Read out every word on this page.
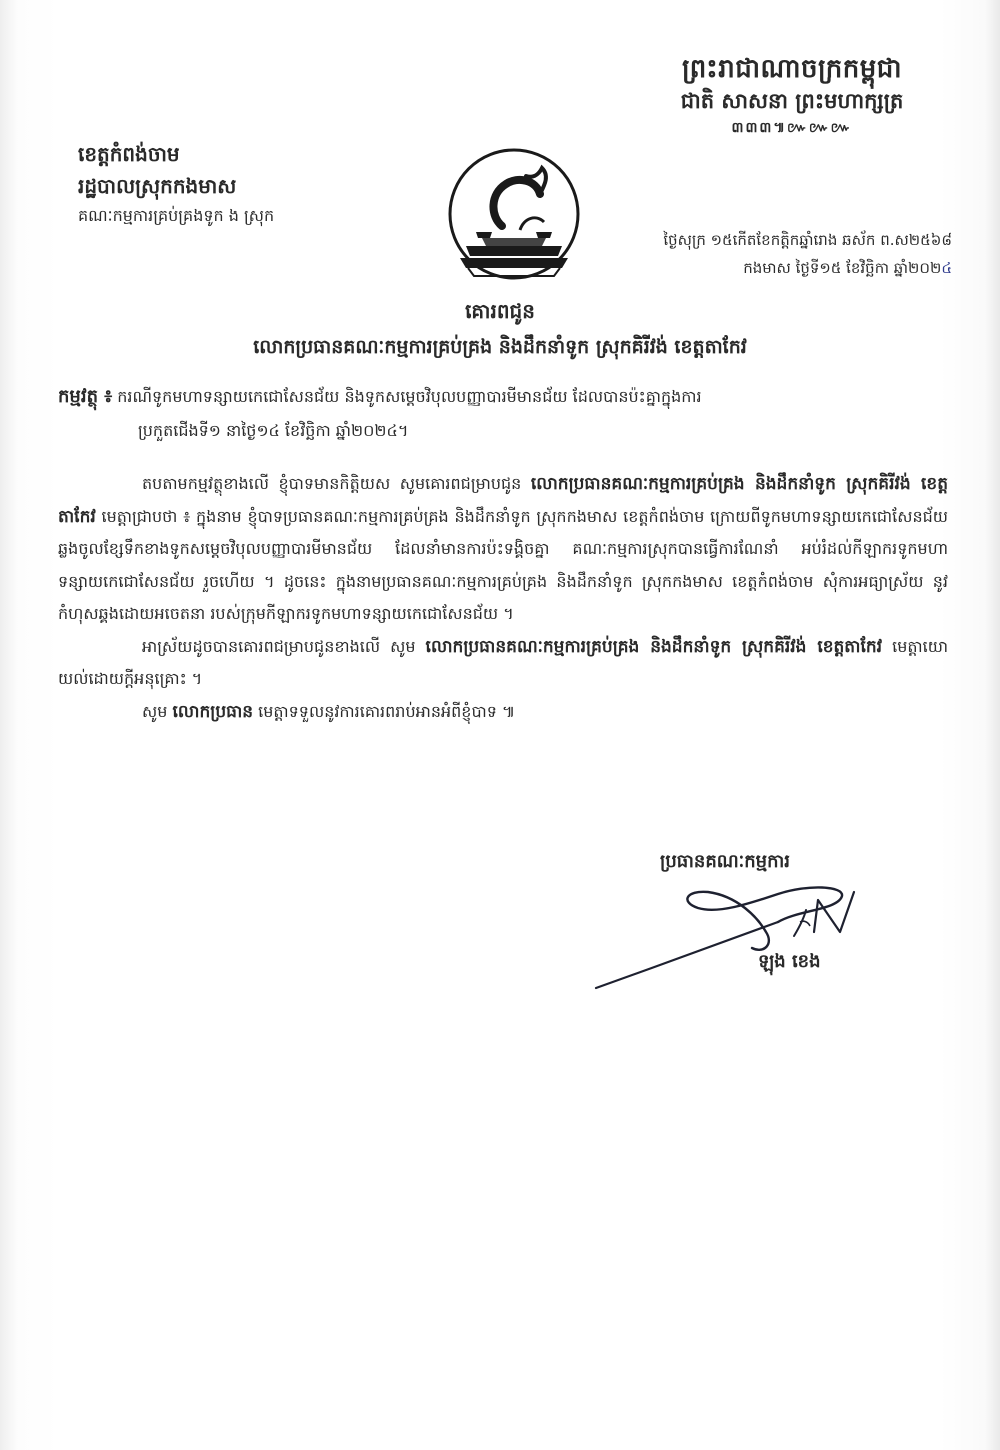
ព្រះរាជាណាចក្រកម្ពុជា
ជាតិ សាសនា ព្រះមហាក្សត្រ
៣៣៣៕៚៚៚
ខេត្តកំពង់ចាម
រដ្ឋបាលស្រុកកងមាស
គណៈកម្មការគ្រប់គ្រងទូក ង ស្រុក
ថ្ងៃសុក្រ ១៥កើតខែកត្តិកឆ្នាំរោង ឆស័ក ព.ស២៥៦៨
កងមាស ថ្ងៃទី១៥ ខែវិច្ឆិកា ឆ្នាំ២០២៤
គោរពជូន
លោកប្រធានគណៈកម្មការគ្រប់គ្រង និងដឹកនាំទូក ស្រុកគិរីវង់ ខេត្តតាកែវ
កម្មវត្ថុ ៖ ករណីទូកមហាទន្សាយកេជោសែនជ័យ និងទូកសម្ដេចវិបុលបញ្ញាបារមីមានជ័យ ដែលបានប៉ះគ្នាក្នុងការ
ប្រកួតជើងទី១ នាថ្ងៃ១៤ ខែវិច្ឆិកា ឆ្នាំ២០២៤។

តបតាមកម្មវត្ថុខាងលើ ខ្ញុំបាទមានកិត្តិយស សូមគោរពជម្រាបជូន លោកប្រធានគណៈកម្មការគ្រប់គ្រង និងដឹកនាំទូក ស្រុកគិរីវង់ ខេត្តតាកែវ មេត្តាជ្រាបថា ៖ ក្នុងនាម ខ្ញុំបាទប្រធានគណៈកម្មការគ្រប់គ្រង និងដឹកនាំទូក ស្រុកកងមាស ខេត្តកំពង់ចាម ក្រោយពីទូកមហាទន្សាយកេជោសែនជ័យ ឆ្លងចូលខ្សែទឹកខាងទូកសម្ដេចវិបុលបញ្ញាបារមីមានជ័យ ដែលនាំមានការប៉ះទង្គិចគ្នា គណៈកម្មការស្រុកបានធ្វើការណែនាំ អប់រំដល់កីឡាករទូកមហាទន្សាយកេជោសែនជ័យ រួចហើយ ។ ដូចនេះ ក្នុងនាមប្រធានគណៈកម្មការគ្រប់គ្រង និងដឹកនាំទូក ស្រុកកងមាស ខេត្តកំពង់ចាម សុំការអធ្យាស្រ័យ នូវកំហុសឆ្គងដោយអចេតនា របស់ក្រុមកីឡាករទូកមហាទន្សាយកេជោសែនជ័យ ។

អាស្រ័យដូចបានគោរពជម្រាបជូនខាងលើ សូម លោកប្រធានគណៈកម្មការគ្រប់គ្រង និងដឹកនាំទូក ស្រុកគិរីវង់ ខេត្តតាកែវ មេត្តាយោយល់ដោយក្តីអនុគ្រោះ ។

សូម លោកប្រធាន មេត្តាទទួលនូវការគោរពរាប់អានអំពីខ្ញុំបាទ ៕

ប្រធានគណៈកម្មការ
ឡុង ខេង
